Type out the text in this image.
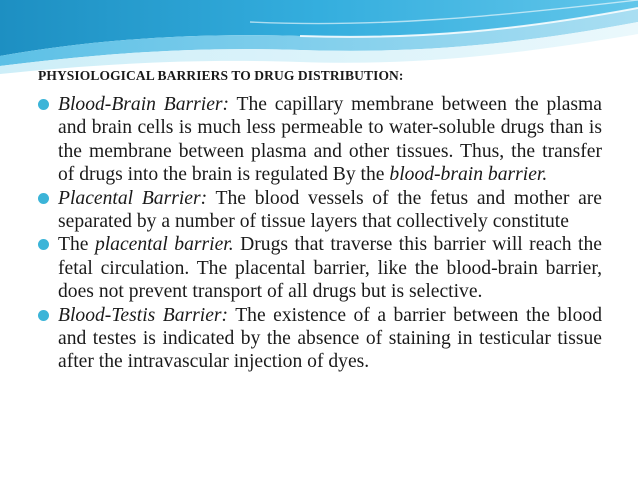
PHYSIOLOGICAL BARRIERS TO DRUG DISTRIBUTION:
Blood-Brain Barrier: The capillary membrane between the plasma and brain cells is much less permeable to water-soluble drugs than is the membrane between plasma and other tissues. Thus, the transfer of drugs into the brain is regulated By the blood-brain barrier.
Placental Barrier: The blood vessels of the fetus and mother are separated by a number of tissue layers that collectively constitute
The placental barrier. Drugs that traverse this barrier will reach the fetal circulation. The placental barrier, like the blood-brain barrier, does not prevent transport of all drugs but is selective.
Blood-Testis Barrier: The existence of a barrier between the blood and testes is indicated by the absence of staining in testicular tissue after the intravascular injection of dyes.
